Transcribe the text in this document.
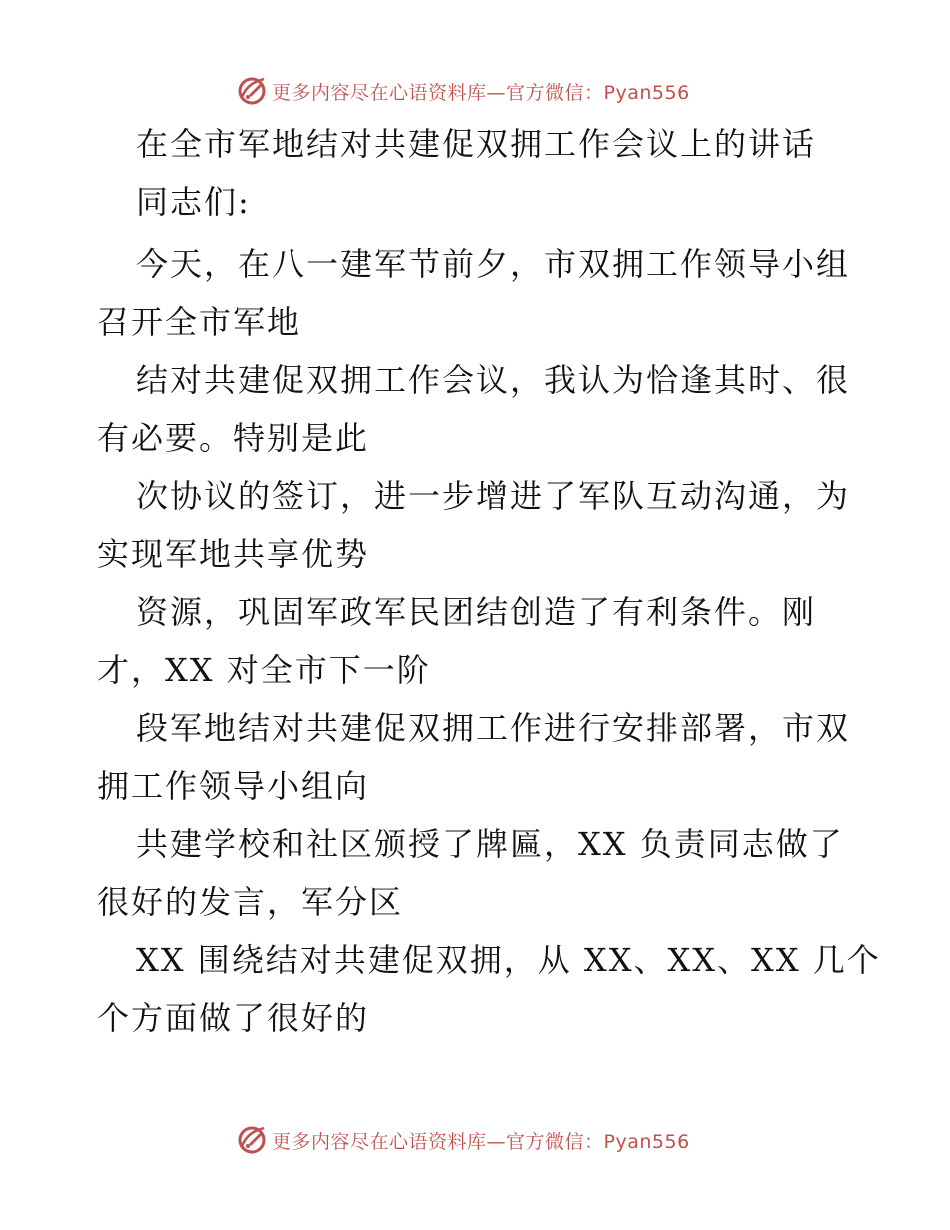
更多内容尽在心语资料库—官方微信：Pyan556
在全市军地结对共建促双拥工作会议上的讲话
同志们:
今天，在八一建军节前夕，市双拥工作领导小组
召开全市军地
结对共建促双拥工作会议，我认为恰逢其时、很
有必要。特别是此
次协议的签订，进一步增进了军队互动沟通，为
实现军地共享优势
资源，巩固军政军民团结创造了有利条件。刚
才，XX 对全市下一阶
段军地结对共建促双拥工作进行安排部署，市双
拥工作领导小组向
共建学校和社区颁授了牌匾，XX 负责同志做了
很好的发言，军分区
XX 围绕结对共建促双拥，从 XX、XX、XX 几个
个方面做了很好的
更多内容尽在心语资料库—官方微信：Pyan556
